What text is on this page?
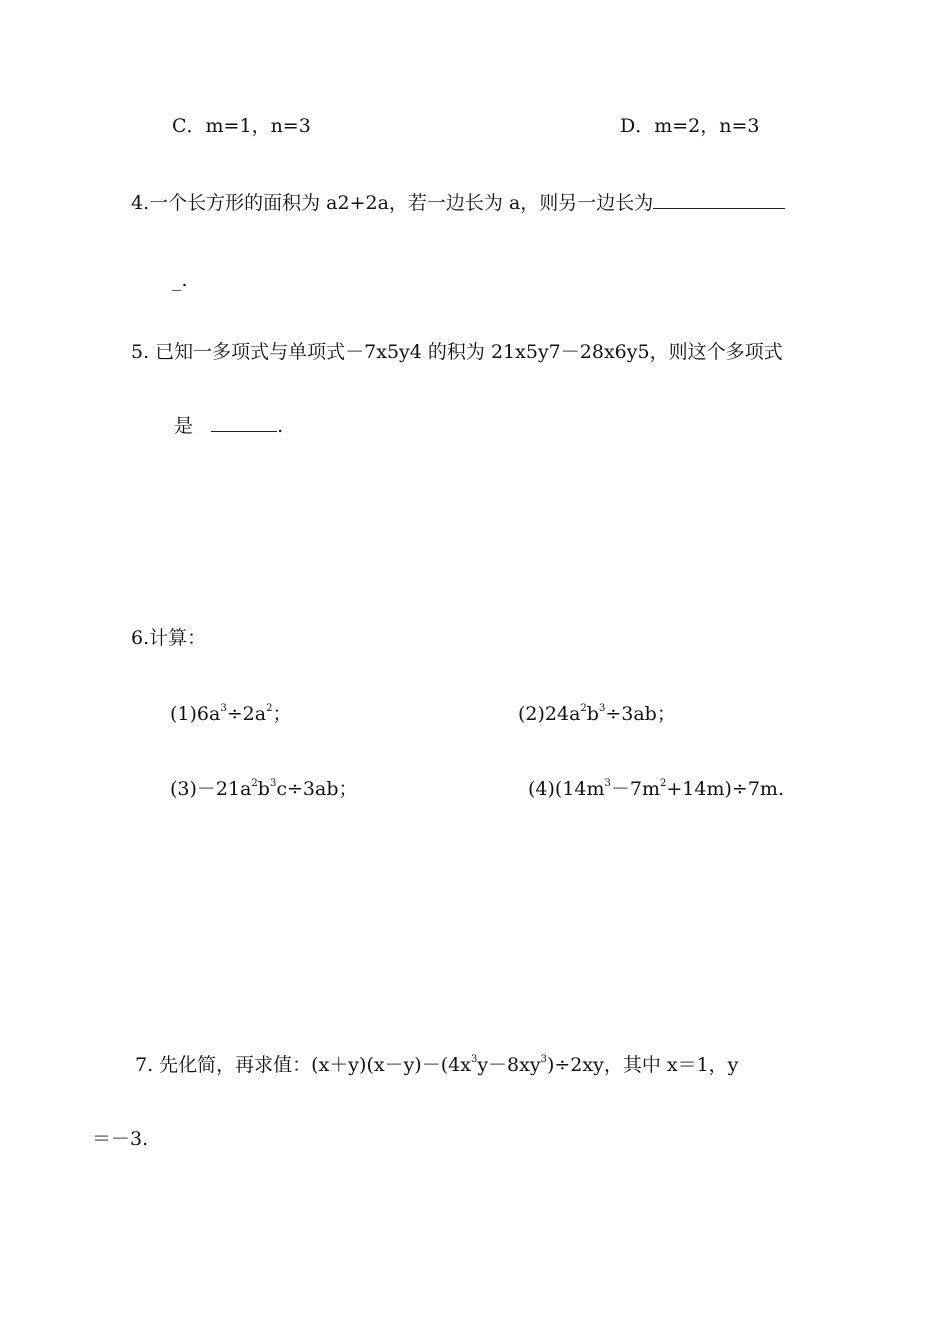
C．m=1，n=3	D．m=2，n=3
4.一个长方形的面积为 a2+2a，若一边长为 a，则另一边长为
_.
5. 已知一多项式与单项式－7x5y4 的积为 21x5y7－28x6y5，则这个多项式
是	.
6.计算：
$(1)6a^3\div 2a^2$；	$(2)24a^2b^3\div 3ab$；
$(3)-21a^2b^3c\div 3ab$；	$(4)(14m^3-7m^2+14m)\div 7m$.
7. 先化简，再求值：$(x+y)(x-y)-(4x^3y-8xy^3)\div 2xy$，其中 x＝1，y
＝－3.
